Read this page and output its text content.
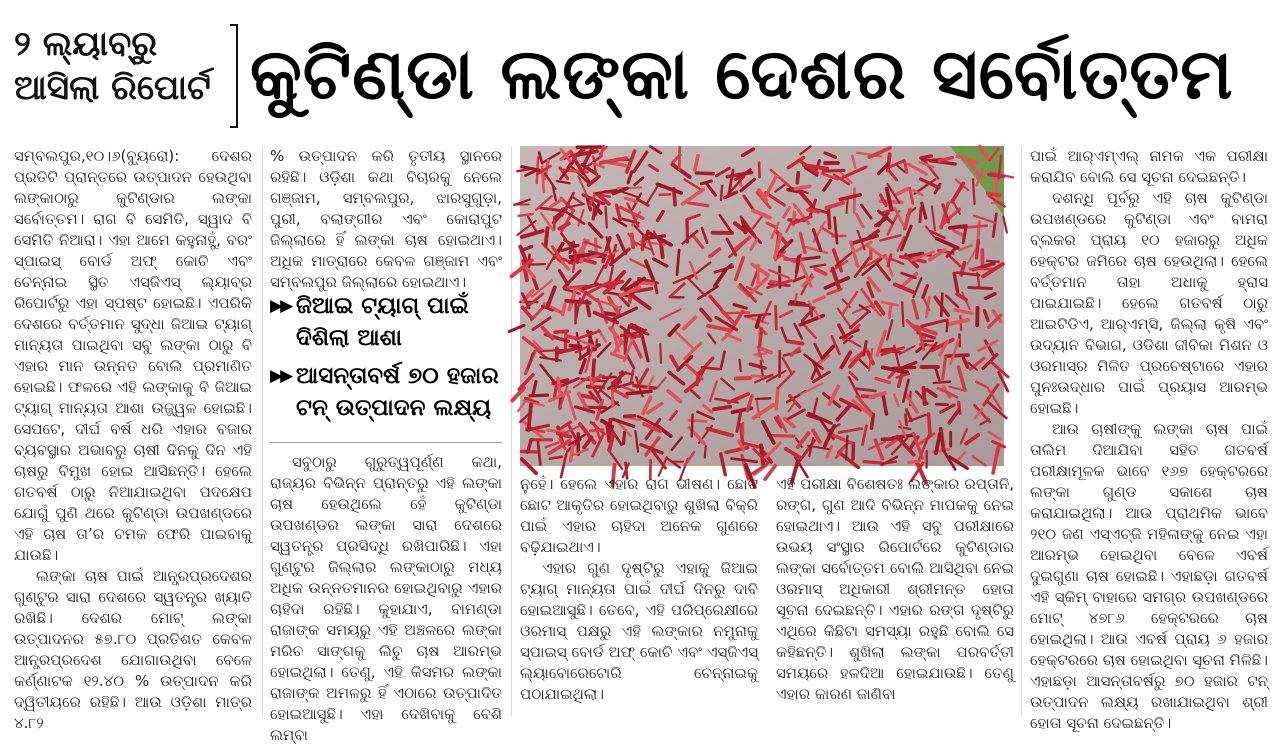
୨ ଲ୍ୟାବ୍‌ରୁ
ଆସିଲା ରିପୋର୍ଟ କୁଟିଣ୍ଡା ଲଙ୍କା ଦେଶର ସର୍ବୋତ୍ତମ

ସମ୍ବଲପୁର,୧୦।୬(ବ୍ୟୁରୋ): ଦେଶର ପ୍ରତିଟି ପ୍ରାନ୍ତରେ ଉତ୍ପାଦନ ହେଉଥିବା ଲଙ୍କାଠାରୁ କୁଟିଣ୍ଡାର ଲଙ୍କା ସର୍ବୋତ୍ତମ। ରାଗ ବି ସେମିତି, ସ୍ୱାଦ ବି ସେମିତି ନିଆରା। ଏହା ଆମେ କହୁନାହୁଁ, ବରଂ ସ୍ପାଇସ୍ ବୋର୍ଡ ଅଫ୍ କୋଚି ଏବଂ ଚେନ୍ନାଇ ସ୍ଥିତ ଏସ୍‌ଜିଏସ୍ ଲ୍ୟାବ୍‌ର ରିପୋର୍ଟରୁ ଏହା ସ୍ପଷ୍ଟ ହୋଇଛି। ଏପରିକି ଦେଶରେ ବର୍ତ୍ତମାନ ସୁଦ୍ଧା ଜିଆଇ ଟ୍ୟାଗ୍ ମାନ୍ୟତା ପାଇଥିବା ସବୁ ଲଙ୍କା ଠାରୁ ବି ଏହାର ମାନ ଉନ୍ନତ ବୋଲି ପ୍ରମାଣିତ ହୋଇଛି। ଫଳରେ ଏହି ଲଙ୍କାକୁ ବି ଜିଆଇ ଟ୍ୟାଗ୍ ମାନ୍ୟତା ଆଶା ଉଜ୍ଜ୍ୱଳ ହୋଇଛି। ସେପଟେ, ଦୀର୍ଘ ବର୍ଷ ଧରି ଏହାର ବଜାର ବ୍ୟବସ୍ଥାର ଅଭାବରୁ ଚାଷୀ ଦିନକୁ ଦିନ ଏହି ଚାଷରୁ ବିମୁଖ ହୋଇ ଆସିଛନ୍ତି। ହେଲେ ଗତବର୍ଷ ଠାରୁ ନିଆଯାଇଥିବା ପଦକ୍ଷେପ ଯୋଗୁଁ ପୁଣି ଥରେ କୁଟିଣ୍ଡା ଉପଖଣ୍ଡରେ ଏହି ଚାଷ ତା’ର ଚମକ ଫେରି ପାଇବାକୁ ଯାଉଛି।

ଲଙ୍କା ଚାଷ ପାଇଁ ଆନ୍ଧ୍ରପ୍ରଦେଶର ଗୁଣ୍ଟୁର ସାରା ଦେଶରେ ସ୍ୱତନ୍ତ୍ର ଖ୍ୟାତି ରଖିଛି। ଦେଶର ମୋଟ୍ ଲଙ୍କା ଉତ୍ପାଦନର ୫୭.୮୦ ପ୍ରତିଶତ କେବଳ ଆନ୍ଧ୍ରପ୍ରଦେଶ ଯୋଗାଉଥିବା ବେଳେ କର୍ଣ୍ଣାଟକ ୧୨.୪୦ % ଉତ୍ପାଦନ କରି ଦ୍ୱିତୀୟରେ ରହିଛି। ଆଉ ଓଡ଼ିଶା ମାତ୍ର ୪.୮୨

% ଉତ୍ପାଦନ କରି ତୃତୀୟ ସ୍ଥାନରେ ରହିଛି। ଓଡ଼ିଶା କଥା ବିଚାରକୁ ନେଲେ ଗଞ୍ଜାମ, ସମ୍ବଲପୁର, ଝାରସୁଗୁଡ଼ା, ପୁରୀ, ବଲାଙ୍ଗୀର ଏବଂ କୋରାପୁଟ ଜିଲ୍ଲାରେ ହିଁ ଲଙ୍କା ଚାଷ ହୋଇଥାଏ। ଅଧିକ ମାତ୍ରାରେ କେବଳ ଗଞ୍ଜାମ ଏବଂ ସମ୍ବଲପୁର ଜିଲ୍ଲାରେ ହୋଇଥାଏ।

▶▶ ଜିଆଇ ଟ୍ୟାଗ୍ ପାଇଁ ଦିଶିଲା ଆଶା
▶▶ ଆସନ୍ତାବର୍ଷ ୭୦ ହଜାର ଟନ୍ ଉତ୍ପାଦନ ଲକ୍ଷ୍ୟ

ସବୁଠାରୁ ଗୁରୁତ୍ୱପୂର୍ଣ୍ଣ କଥା, ରାଜ୍ୟର ବିଭିନ୍ନ ପ୍ରାନ୍ତରୁ ଏହି ଲଙ୍କା ଚାଷ ହେଉଥିଲେ ହେଁ କୁଟିଣ୍ଡା ଉପଖଣ୍ଡର ଲଙ୍କା ସାରା ଦେଶରେ ସ୍ୱତନ୍ତ୍ର ପ୍ରସିଦ୍ଧି ରଖିପାରିଛି। ଏହା ଗୁଣ୍ଟୁର ଜିଲ୍ଲାର ଲଙ୍କାଠାରୁ ମଧ୍ୟ ଅଧିକ ଉନ୍ନତମାନର ହୋଇଥିବାରୁ ଏହାର ଚାହିଦା ରହିଛି। କୁହାଯାଏ, ବାମଣ୍ଡା ରାଜାଙ୍କ ସମୟରୁ ଏହି ଅଞ୍ଚଳରେ ଲଙ୍କା ମରିଚ ସାଙ୍ଗକୁ ଲିଚୁ ଚାଷ ଆରମ୍ଭ ହୋଇଥିଲା। ତେଣୁ, ଏହି କିସମର ଲଙ୍କା ରାଜାଙ୍କ ଅମଳରୁ ହିଁ ଏଠାରେ ଉତ୍ପାଦିତ ହୋଇଆସୁଛି। ଏହା ଦେଖିବାକୁ ବେଶି ଲମ୍ବା

ନୁହେଁ। ହେଲେ ଏହାର ରାଗ ଭୀଷଣ। ଛୋଟ ଛୋଟ ଆକୃତିର ହୋଇଥିବାରୁ ଶୁଖିଲା ବିକ୍ରି ପାଇଁ ଏହାର ଚାହିଦା ଅନେକ ଗୁଣରେ ବଢ଼ିଯାଇଥାଏ।

ଏହାର ଗୁଣ ଦୃଷ୍ଟିରୁ ଏହାକୁ ଜିଆଇ ଟ୍ୟାଗ୍ ମାନ୍ୟତା ପାଇଁ ଦୀର୍ଘ ଦିନରୁ ଦାବି ହୋଇଆସୁଛି। ତେବେ, ଏହି ପରିପ୍ରେକ୍ଷୀରେ ଓରମାସ୍ ପକ୍ଷରୁ ଏହି ଲଙ୍କାର ନମୁନାକୁ ସ୍ପାଇସ୍ ବୋର୍ଡ ଅଫ୍ କୋଚି ଏବଂ ଏସ୍‌ଜିଏସ୍ ଲ୍ୟାବୋରେଟୋରି ଚେନ୍ନାଇକୁ ପଠାଯାଇଥିଲା।

ଏହି ପରୀକ୍ଷା ବିଶେଷତଃ ଲଙ୍କାର ରପ୍ତାନି, ରଙ୍ଗ, ଗୁଣ ଆଦି ବିଭିନ୍ନ ମାପକକୁ ନେଇ ହୋଇଥାଏ। ଆଉ ଏହି ସବୁ ପରୀକ୍ଷାରେ ଉଭୟ ସଂସ୍ଥାର ରିପୋର୍ଟରେ କୁଟିଣ୍ଡାର ଲଙ୍କା ସର୍ବୋତ୍ତମ ବୋଲି ଆସିଥିବା ନେଇ ଓରମାସ୍ ଅଧିକାରୀ ଶ୍ରୀମନ୍ତ ହୋତା ସୂଚନା ଦେଇଛନ୍ତି। ଏହାର ରଙ୍ଗ ଦୃଷ୍ଟିରୁ ଏଥିରେ କିଛିଟା ସମସ୍ୟା ରହୁଛି ବୋଲି ସେ କହିଛନ୍ତି। ଶୁଖିଲା ଲଙ୍କା ପରବର୍ତ୍ତୀ ସମୟରେ ହଳଦିଆ ହୋଇଯାଉଛି। ତେଣୁ ଏହାର କାରଣ ଜାଣିବା

ପାଇଁ ଆର୍‌ଏମ୍‌ଏଲ୍ ନାମକ ଏକ ପରୀକ୍ଷା କରାଯିବ ବୋଲି ସେ ସୂଚନା ଦେଇଛନ୍ତି।

ଦଶନ୍ଧି ପୂର୍ବରୁ ଏହି ଚାଷ କୁଟିଣ୍ଡା ଉପଖଣ୍ଡରେ କୁଟିଣ୍ଡା ଏବଂ ବାମରା ବ୍ଲକର ପ୍ରାୟ ୧୦ ହଜାରରୁ ଅଧିକ ହେକ୍ଟର ଜମିରେ ଚାଷ ହେଉଥିଲା। ହେଲେ ବର୍ତ୍ତମାନ ତାହା ଅଧାକୁ ହ୍ରାସ ପାଇଯାଇଛି। ହେଲେ ଗତବର୍ଷ ଠାରୁ ଆଇଟିଡିଏ, ଆର୍‌ଏମ୍‌ସି, ଜିଲ୍ଲା କୃଷି ଏବଂ ଉଦ୍ୟାନ ବିଭାଗ, ଓଡିଶା ଜୀବିକା ମିଶନ ଓ ଓରମାସ୍ର ମିଳିତ ପ୍ରଚେଷ୍ଟାରେ ଏହାର ପୁନଃଉଦ୍ଧାର ପାଇଁ ପ୍ରୟାସ ଆରମ୍ଭ ହୋଇଛି।

ଆଉ ଚାଷୀଙ୍କୁ ଲଙ୍କା ଚାଷ ପାଇଁ ତାଲିମ ଦିଆଯିବା ସହିତ ଗତବର୍ଷ ପରୀକ୍ଷାମୂଳକ ଭାବେ ୧୬୭ ହେକ୍ଟରରେ ଲଙ୍କା ଗୁଣ୍ଡ ସକାଶେ ଚାଷ କରାଯାଇଥିଲା। ଆଉ ପ୍ରାଥମିକ ଭାବେ ୨୧୦ ଜଣ ଏସ୍‌ଏଚ୍‌ଜି ମହିଳାଙ୍କୁ ନେଇ ଏହା ଆରମ୍ଭ ହୋଇଥିବା ବେଳେ ଏବର୍ଷ ଦୁଇଗୁଣା ଚାଷ ହୋଇଛି। ଏହାଛଡ଼ା ଗତବର୍ଷ ଏହି ସ୍କିମ୍ ବାହାରେ ସମଗ୍ର ଉପଖଣ୍ଡରେ ମୋଟ୍ ୪୭୮୬ ହେକ୍ଟରରେ ଚାଷ ହୋଇଥିଲା। ଆଉ ଏବର୍ଷ ପ୍ରାୟ ୬ ହଜାର ହେକ୍ଟରରେ ଚାଷ ହୋଇଥିବା ସୂଚନା ମିଳିଛି। ଏହାଛଡ଼ା ଆସନ୍ତାବର୍ଷରୁ ୭୦ ହଜାର ଟନ୍ ଉତ୍ପାଦନ ଲକ୍ଷ୍ୟ ରଖାଯାଇଥିବା ଶ୍ରୀ ହୋତା ସୂଚନା ଦେଇଛନ୍ତି।
